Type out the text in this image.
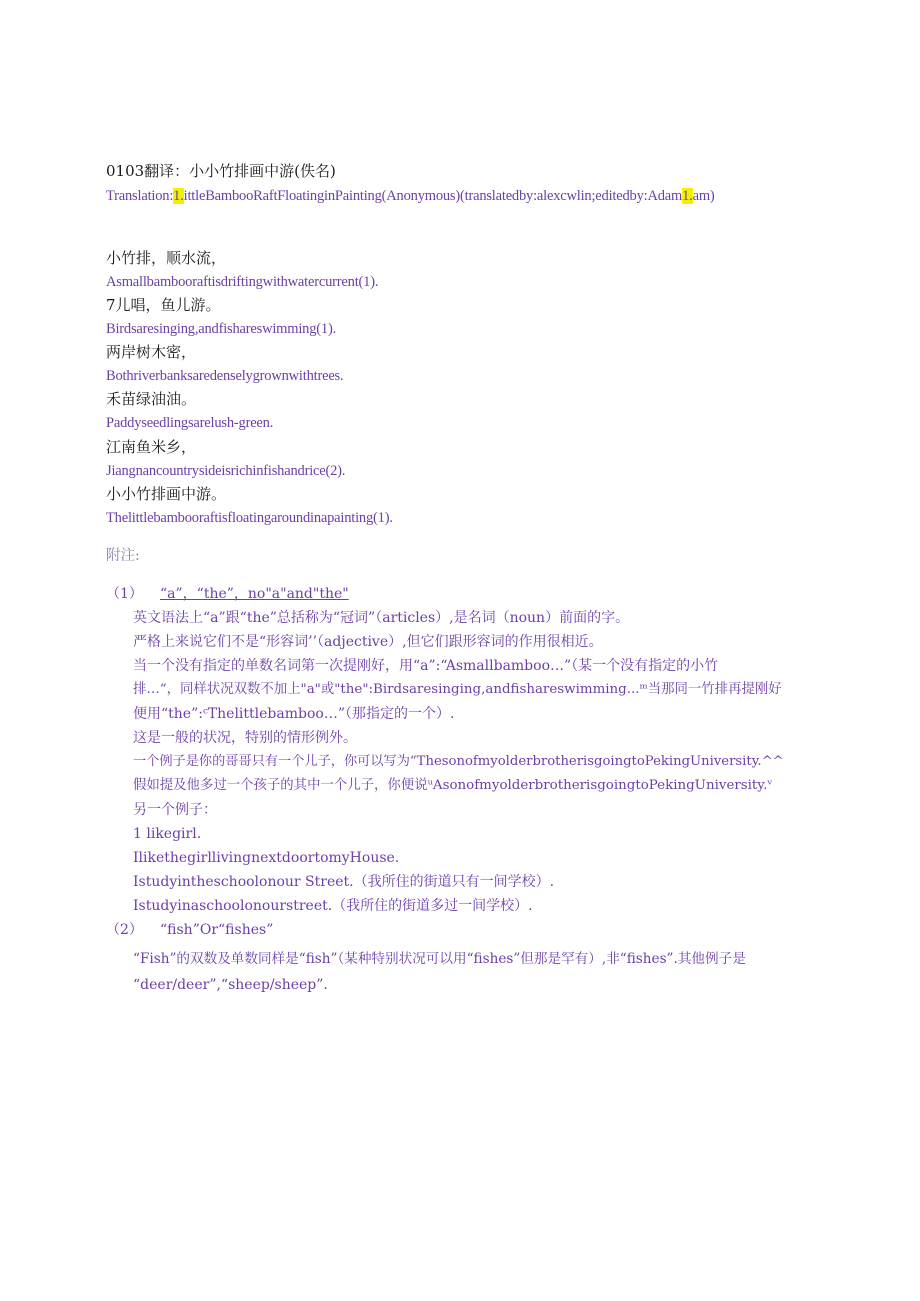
0103翻译：小小竹排画中游(佚名)
Translation:1.ittleBambooRaftFloatinginPainting(Anonymous)(translatedby:alexcwlin;editedby:Adam1.am)
小竹排，顺水流，
Asmallbambooraftisdriftingwithwatercurrent(1).
7儿唱，鱼儿游。
Birdsaresinging,andfishareswimming(1).
两岸树木密，
Bothriverbanksaredenselygrownwithtrees.
禾苗绿油油。
Paddyseedlingsarelush-green.
江南鱼米乡，
Jiangnancountrysideisrichinfishandrice(2).
小小竹排画中游。
Thelittlebambooraftisfloatingaroundinapainting(1).
附注:
（1） “a”，“the”，no"a"and"the"
英文语法上“a”跟“the”总括称为“冠词”（articles）,是名词（noun）前面的字。
严格上来说它们不是“形容词’’（adjective）,但它们跟形容词的作用很相近。
当一个没有指定的单数名词第一次提刚好，用“a”:“Asmallbamboo…”（某一个没有指定的小竹
排…“，同样状况双数不加上"a"或"the":Birdsaresinging,andfishareswimming...ᵐ当那同一竹排再提刚好
便用“the”:ᶜThelittlebamboo…”（那指定的一个）.
这是一般的状况，特别的情形例外。
一个例子是你的哥哥只有一个儿子，你可以写为“ThesonofmyolderbrotherisgoingtoPekingUniversity.^^
假如提及他多过一个孩子的其中一个儿子，你便说ᵘAsonofmyolderbrotherisgoingtoPekingUniversity.ᵛ
另一个例子：
1 likegirl.
IlikethegirllivingnextdoortomyHouse.
Istudyintheschoolonour Street.（我所住的街道只有一间学校）.
Istudyinaschoolonourstreet.（我所住的街道多过一间学校）.
（2） “fish”Or“fishes”
“Fish”的双数及单数同样是“fish”（某种特别状况可以用“fishes”但那是罕有）,非“fishes”.其他例子是
“deer/deer”,“sheep/sheep”.
